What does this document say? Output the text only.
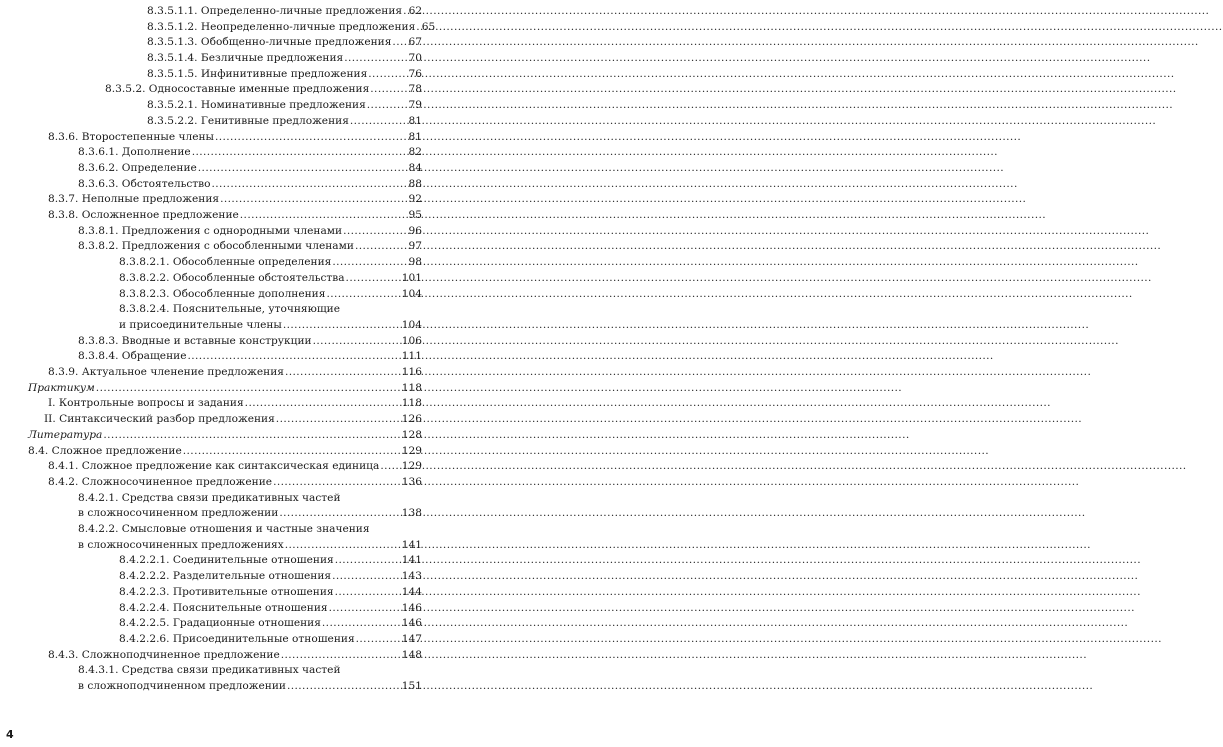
8.3.5.1.1. Определенно-личные предложения ..... 62
8.3.5.1.2. Неопределенно-личные предложения ..... 65
8.3.5.1.3. Обобщенно-личные предложения ..... 67
8.3.5.1.4. Безличные предложения .....	70
8.3.5.1.5. Инфинитивные предложения .....	76
8.3.5.2. Односоставные именные предложения .....	78
8.3.5.2.1. Номинативные предложения .....	79
8.3.5.2.2. Генитивные предложения .....	81
8.3.6. Второстепенные члены .....	81
8.3.6.1. Дополнение .....	82
8.3.6.2. Определение .....	84
8.3.6.3. Обстоятельство .....	88
8.3.7. Неполные предложения .....	92
8.3.8. Осложненное предложение .....	95
8.3.8.1. Предложения с однородными членами .....	96
8.3.8.2. Предложения с обособленными членами .....	97
8.3.8.2.1. Обособленные определения .....	98
8.3.8.2.2. Обособленные обстоятельства .....	101
8.3.8.2.3. Обособленные дополнения .....	104
8.3.8.2.4. Пояснительные, уточняющие
и присоединительные члены .....	104
8.3.8.3. Вводные и вставные конструкции .....	106
8.3.8.4. Обращение .....	111
8.3.9. Актуальное членение предложения .....	116
Практикум .....	118
I. Контрольные вопросы и задания .....	118
II. Синтаксический разбор предложения .....	126
Литература .....	128
8.4. Сложное предложение .....	129
8.4.1. Сложное предложение как синтаксическая единица ..... 129
8.4.2. Сложносочиненное предложение .....	136
8.4.2.1. Средства связи предикативных частей
в сложносочиненном предложении .....	138
8.4.2.2. Смысловые отношения и частные значения
в сложносочиненных предложениях .....	141
8.4.2.2.1. Соединительные отношения .....	141
8.4.2.2.2. Разделительные отношения .....	143
8.4.2.2.3. Противительные отношения .....	144
8.4.2.2.4. Пояснительные отношения .....	146
8.4.2.2.5. Градационные отношения .....	146
8.4.2.2.6. Присоединительные отношения .....	147
8.4.3. Сложноподчиненное предложение .....	148
8.4.3.1. Средства связи предикативных частей
в сложноподчиненном предложении .....	151
4
